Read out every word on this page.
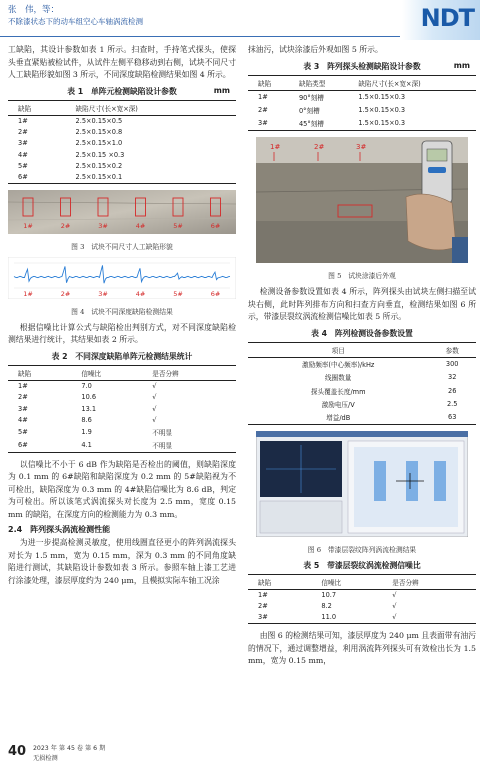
张　伟，等：
不除漆状态下的动车组空心车轴涡流检测	NDT

工缺陷，其设计参数如表 1 所示。扫查时，手持笔式探头，使探头垂直紧贴被检试件，从试件左侧平稳移动到右侧，试块不同尺寸人工缺陷形貌如图 3 所示，不同深度缺陷检测结果如图 4 所示。

表 1　单阵元检测缺陷设计参数	mm
缺陷	缺陷尺寸(长×宽×深)
1#	2.5×0.15×0.5
2#	2.5×0.15×0.8
3#	2.5×0.15×1.0
4#	2.5×0.15 ×0.3
5#	2.5×0.15×0.2
6#	2.5×0.15×0.1
1#	2#	3#	4#	5#	6#
图 3　试块不同尺寸人工缺陷形貌
1#	2#	3#	4#	5#	6#
图 4　试块不同深度缺陷检测结果

根据信噪比计算公式与缺陷检出判别方式，对不同深度缺陷检测结果进行统计，其结果如表 2 所示。

表 2　不同深度缺陷单阵元检测结果统计
缺陷	信噪比	是否分辨
1#	7.0	√
2#	10.6	√
3#	13.1	√
4#	8.6	√
5#	1.9	不明显
6#	4.1	不明显

以信噪比不小于 6 dB 作为缺陷是否检出的阈值，则缺陷深度为 0.1 mm 的 6#缺陷和缺陷深度为 0.2 mm 的 5#缺陷视为不可检出，缺陷深度为 0.3 mm 的 4#缺陷信噪比为 8.6 dB，判定为可检出。所以该笔式涡流探头对长度为 2.5 mm，宽度 0.15 mm 的缺陷，在深度方向的检测能力为 0.3 mm。

2.4　阵列探头涡流检测性能

为进一步提高检测灵敏度，使用线圈直径更小的阵列涡流探头对长为 1.5 mm，宽为 0.15 mm，深为 0.3 mm 的不同角度缺陷进行测试，其缺陷设计参数如表 3 所示。参照车轴上漆工艺进行涂漆处理，漆层厚度约为 240 μm，且模拟实际车轴工况涂

抹油污，试块涂漆后外观如图 5 所示。

表 3　阵列探头检测缺陷设计参数	mm
缺陷	缺陷类型	缺陷尺寸(长×宽×深)
1#	90°刻槽	1.5×0.15×0.3
2#	0°刻槽	1.5×0.15×0.3
3#	45°刻槽	1.5×0.15×0.3
1#	2#	3#
图 5　试块涂漆后外观

检测设备参数设置如表 4 所示，阵列探头由试块左侧扫描至试块右侧，此时阵列排布方向和扫查方向垂直，检测结果如图 6 所示，带漆层裂纹涡流检测信噪比如表 5 所示。

表 4　阵列检测设备参数设置
项目	参数
激励频率(中心频率)/kHz	300
线圈数量	32
探头覆盖长度/mm	26
激励电压/V	2.5
增益/dB	63
图 6　带漆层裂纹阵列涡流检测结果
表 5　带漆层裂纹涡流检测信噪比
缺陷	信噪比	是否分辨
1#	10.7	√
2#	8.2	√
3#	11.0	√

由图 6 的检测结果可知，漆层厚度为 240 μm 且表面带有油污的情况下，通过调整增益，利用涡流阵列探头可有效检出长为 1.5 mm，宽为 0.15 mm，

40 2023 年 第 45 卷 第 6 期
无损检测
